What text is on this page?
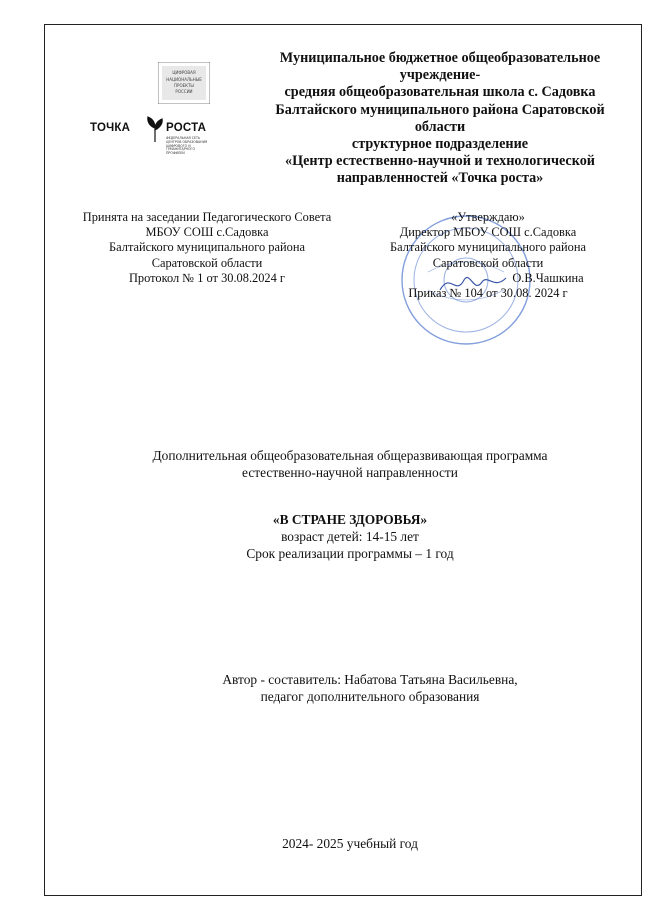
ЦИФРОВАЯ
НАЦИОНАЛЬНЫЕ
ПРОЕКТЫ
РОССИИ
ТОЧКА	РОСТА
ФЕДЕРАЛЬНАЯ СЕТЬ ЦЕНТРОВ ОБРАЗОВАНИЯ ЦИФРОВОГО И ГУМАНИТАРНОГО ПРОФИЛЕЙ
Муниципальное бюджетное общеобразовательное
учреждение-
средняя общеобразовательная школа с. Садовка
Балтайского муниципального района Саратовской
области
структурное подразделение
«Центр естественно-научной и технологической
направленностей «Точка роста»
Принята на заседании Педагогического Совета
МБОУ СОШ с.Садовка
Балтайского муниципального района
Саратовской области
Протокол № 1 от 30.08.2024 г
«Утверждаю»
Директор МБОУ СОШ с.Садовка
Балтайского муниципального района
Саратовской области
О.В.Чашкина
Приказ № 104 от 30.08. 2024 г
Дополнительная общеобразовательная общеразвивающая программа
естественно-научной направленности
«В СТРАНЕ ЗДОРОВЬЯ»
возраст детей: 14-15 лет
Срок реализации программы – 1 год
Автор - составитель: Набатова Татьяна Васильевна,
педагог дополнительного образования
2024- 2025 учебный год
